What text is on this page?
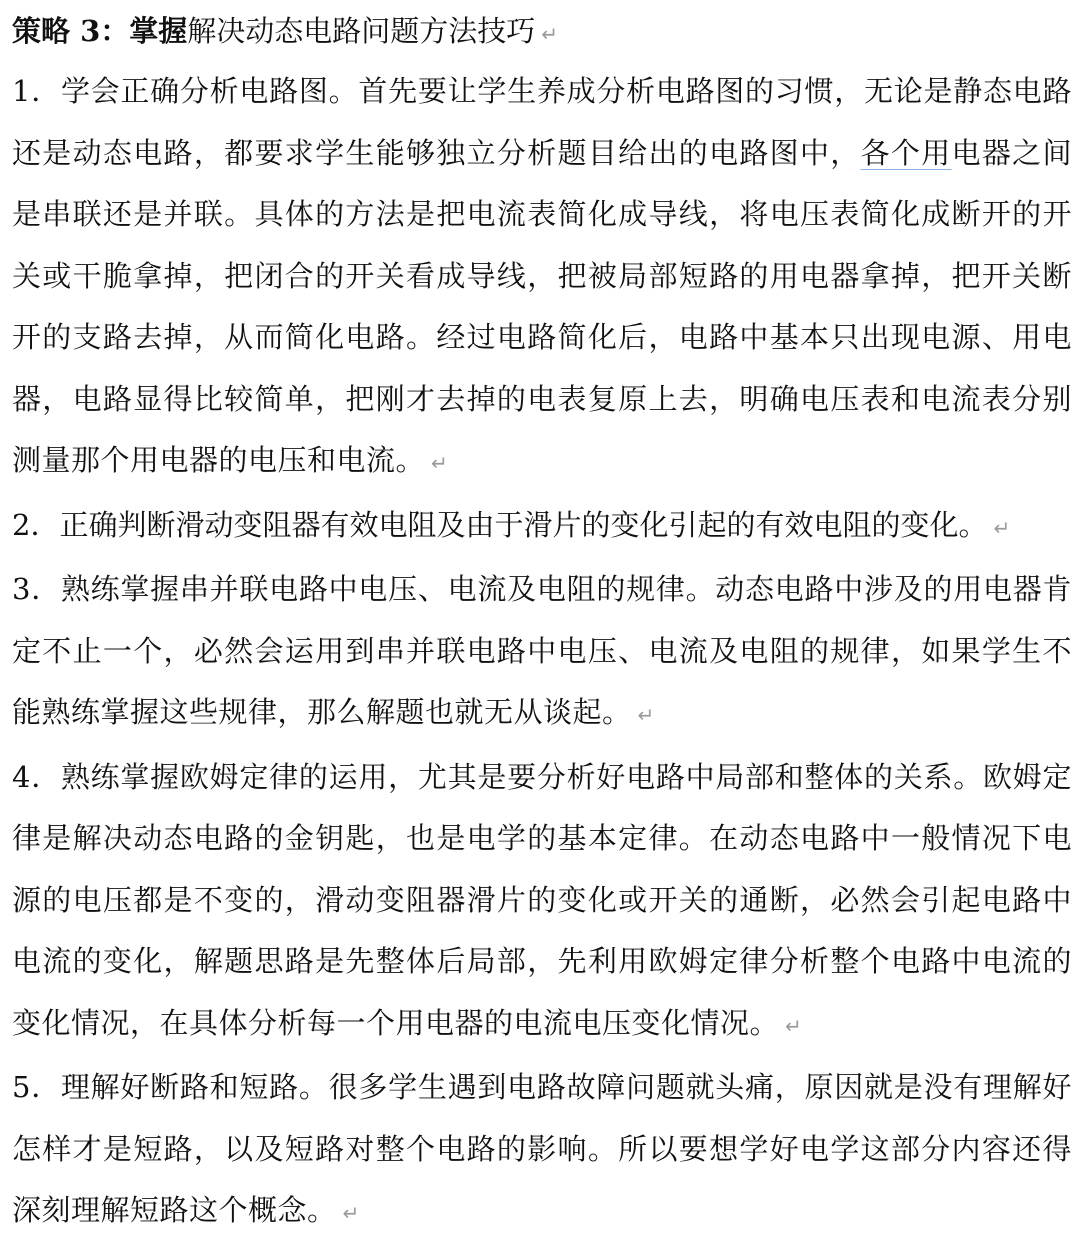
策略 3：掌握解决动态电路问题方法技巧 ↵

1．学会正确分析电路图。首先要让学生养成分析电路图的习惯，无论是静态电路还是动态电路，都要求学生能够独立分析题目给出的电路图中，各个用电器之间是串联还是并联。具体的方法是把电流表简化成导线，将电压表简化成断开的开关或干脆拿掉，把闭合的开关看成导线，把被局部短路的用电器拿掉，把开关断开的支路去掉，从而简化电路。经过电路简化后，电路中基本只出现电源、用电器，电路显得比较简单，把刚才去掉的电表复原上去，明确电压表和电流表分别测量那个用电器的电压和电流。 ↵

2．正确判断滑动变阻器有效电阻及由于滑片的变化引起的有效电阻的变化。 ↵

3．熟练掌握串并联电路中电压、电流及电阻的规律。动态电路中涉及的用电器肯定不止一个，必然会运用到串并联电路中电压、电流及电阻的规律，如果学生不能熟练掌握这些规律，那么解题也就无从谈起。 ↵

4．熟练掌握欧姆定律的运用，尤其是要分析好电路中局部和整体的关系。欧姆定律是解决动态电路的金钥匙，也是电学的基本定律。在动态电路中一般情况下电源的电压都是不变的，滑动变阻器滑片的变化或开关的通断，必然会引起电路中电流的变化，解题思路是先整体后局部，先利用欧姆定律分析整个电路中电流的变化情况，在具体分析每一个用电器的电流电压变化情况。 ↵

5．理解好断路和短路。很多学生遇到电路故障问题就头痛，原因就是没有理解好怎样才是短路，以及短路对整个电路的影响。所以要想学好电学这部分内容还得深刻理解短路这个概念。 ↵
